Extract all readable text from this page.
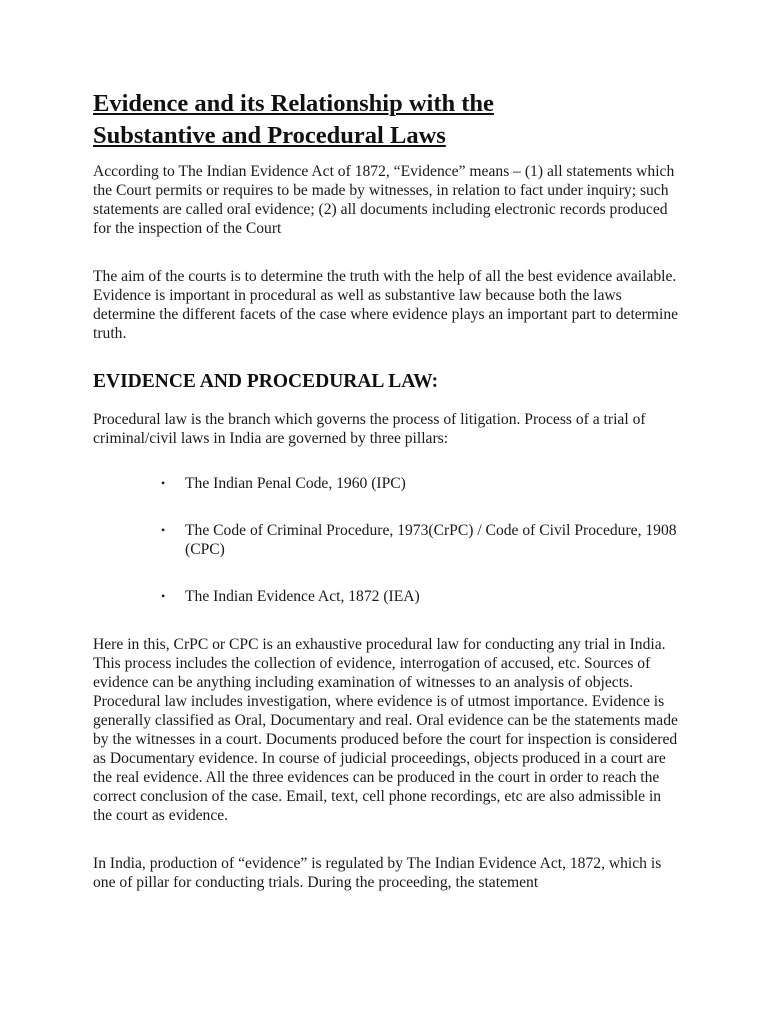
Evidence and its Relationship with the
Substantive and Procedural Laws

According to The Indian Evidence Act of 1872, “Evidence” means – (1) all statements which the Court permits or requires to be made by witnesses, in relation to fact under inquiry; such statements are called oral evidence; (2) all documents including electronic records produced for the inspection of the Court

The aim of the courts is to determine the truth with the help of all the best evidence available. Evidence is important in procedural as well as substantive law because both the laws determine the different facets of the case where evidence plays an important part to determine truth.

EVIDENCE AND PROCEDURAL LAW:

Procedural law is the branch which governs the process of litigation. Process of a trial of criminal/civil laws in India are governed by three pillars:

• The Indian Penal Code, 1960 (IPC)
• The Code of Criminal Procedure, 1973(CrPC) / Code of Civil Procedure, 1908 (CPC)
• The Indian Evidence Act, 1872 (IEA)

Here in this, CrPC or CPC is an exhaustive procedural law for conducting any trial in India. This process includes the collection of evidence, interrogation of accused, etc. Sources of evidence can be anything including examination of witnesses to an analysis of objects. Procedural law includes investigation, where evidence is of utmost importance. Evidence is generally classified as Oral, Documentary and real. Oral evidence can be the statements made by the witnesses in a court. Documents produced before the court for inspection is considered as Documentary evidence. In course of judicial proceedings, objects produced in a court are the real evidence. All the three evidences can be produced in the court in order to reach the correct conclusion of the case. Email, text, cell phone recordings, etc are also admissible in the court as evidence.

In India, production of “evidence” is regulated by The Indian Evidence Act, 1872, which is one of pillar for conducting trials. During the proceeding, the statement
